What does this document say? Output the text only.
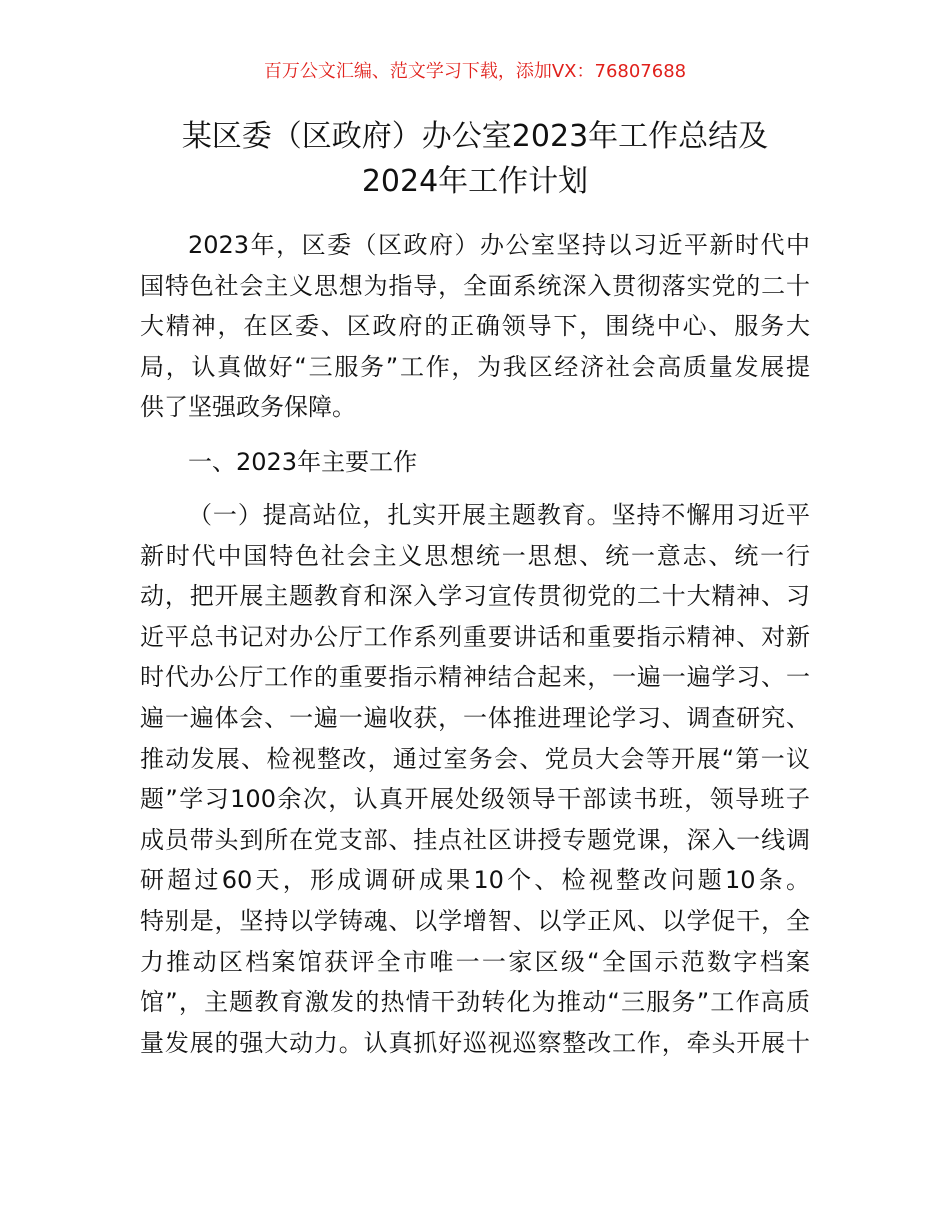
百万公文汇编、范文学习下载，添加VX：76807688
某区委（区政府）办公室2023年工作总结及
2024年工作计划
2023年，区委（区政府）办公室坚持以习近平新时代中
国特色社会主义思想为指导，全面系统深入贯彻落实党的二十
大精神，在区委、区政府的正确领导下，围绕中心、服务大
局，认真做好“三服务”工作，为我区经济社会高质量发展提
供了坚强政务保障。
一、2023年主要工作
（一）提高站位，扎实开展主题教育。坚持不懈用习近平
新时代中国特色社会主义思想统一思想、统一意志、统一行
动，把开展主题教育和深入学习宣传贯彻党的二十大精神、习
近平总书记对办公厅工作系列重要讲话和重要指示精神、对新
时代办公厅工作的重要指示精神结合起来，一遍一遍学习、一
遍一遍体会、一遍一遍收获，一体推进理论学习、调查研究、
推动发展、检视整改，通过室务会、党员大会等开展“第一议
题”学习100余次，认真开展处级领导干部读书班，领导班子
成员带头到所在党支部、挂点社区讲授专题党课，深入一线调
研超过60天，形成调研成果10个、检视整改问题10条。
特别是，坚持以学铸魂、以学增智、以学正风、以学促干，全
力推动区档案馆获评全市唯一一家区级“全国示范数字档案
馆”，主题教育激发的热情干劲转化为推动“三服务”工作高质
量发展的强大动力。认真抓好巡视巡察整改工作，牵头开展十
